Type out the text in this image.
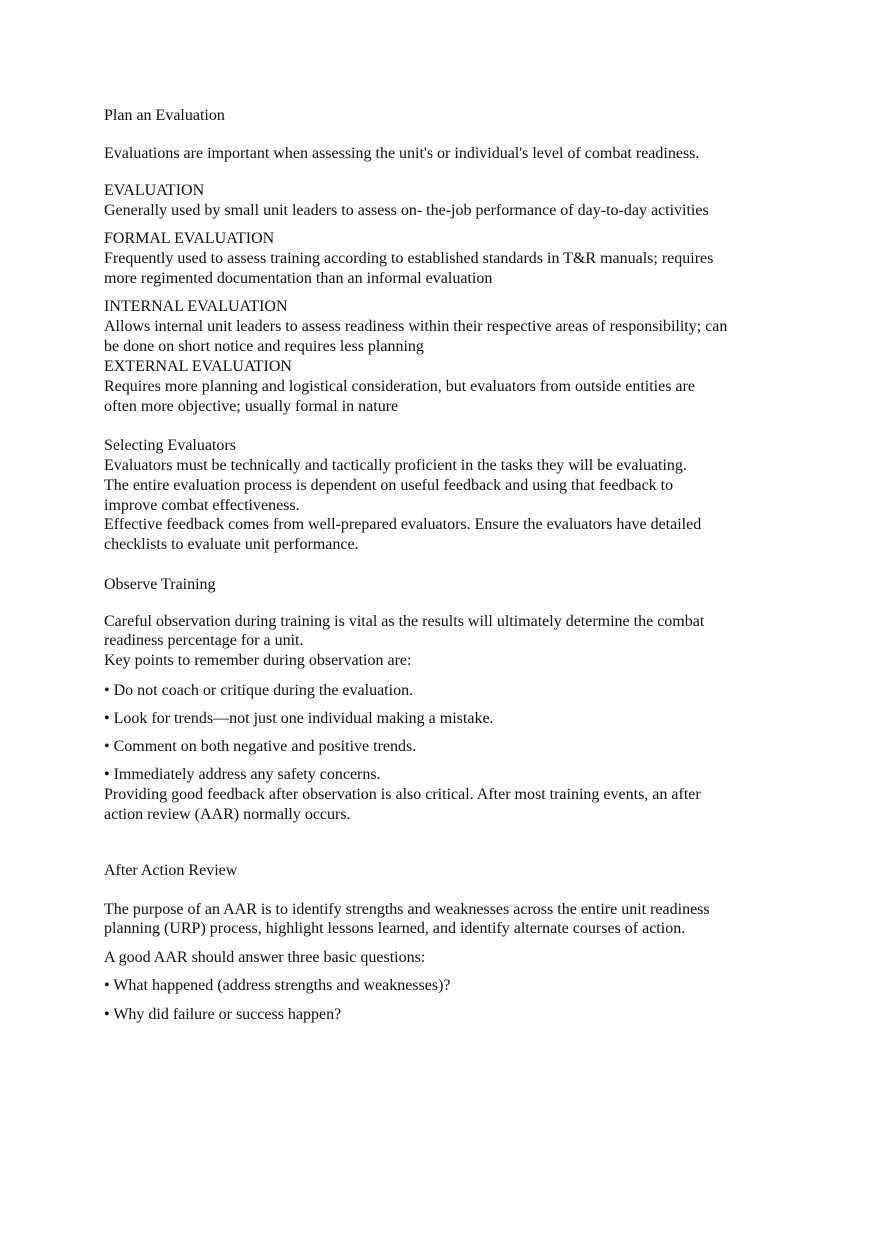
Plan an Evaluation
Evaluations are important when assessing the unit's or individual's level of combat readiness.
EVALUATION
Generally used by small unit leaders to assess on- the-job performance of day-to-day activities
FORMAL EVALUATION
Frequently used to assess training according to established standards in T&R manuals; requires
more regimented documentation than an informal evaluation
INTERNAL EVALUATION
Allows internal unit leaders to assess readiness within their respective areas of responsibility; can
be done on short notice and requires less planning
EXTERNAL EVALUATION
Requires more planning and logistical consideration, but evaluators from outside entities are
often more objective; usually formal in nature
Selecting Evaluators
Evaluators must be technically and tactically proficient in the tasks they will be evaluating.
The entire evaluation process is dependent on useful feedback and using that feedback to
improve combat effectiveness.
Effective feedback comes from well-prepared evaluators. Ensure the evaluators have detailed
checklists to evaluate unit performance.
Observe Training
Careful observation during training is vital as the results will ultimately determine the combat
readiness percentage for a unit.
Key points to remember during observation are:
• Do not coach or critique during the evaluation.
• Look for trends—not just one individual making a mistake.
• Comment on both negative and positive trends.
• Immediately address any safety concerns.
Providing good feedback after observation is also critical. After most training events, an after
action review (AAR) normally occurs.
After Action Review
The purpose of an AAR is to identify strengths and weaknesses across the entire unit readiness
planning (URP) process, highlight lessons learned, and identify alternate courses of action.
A good AAR should answer three basic questions:
• What happened (address strengths and weaknesses)?
• Why did failure or success happen?
